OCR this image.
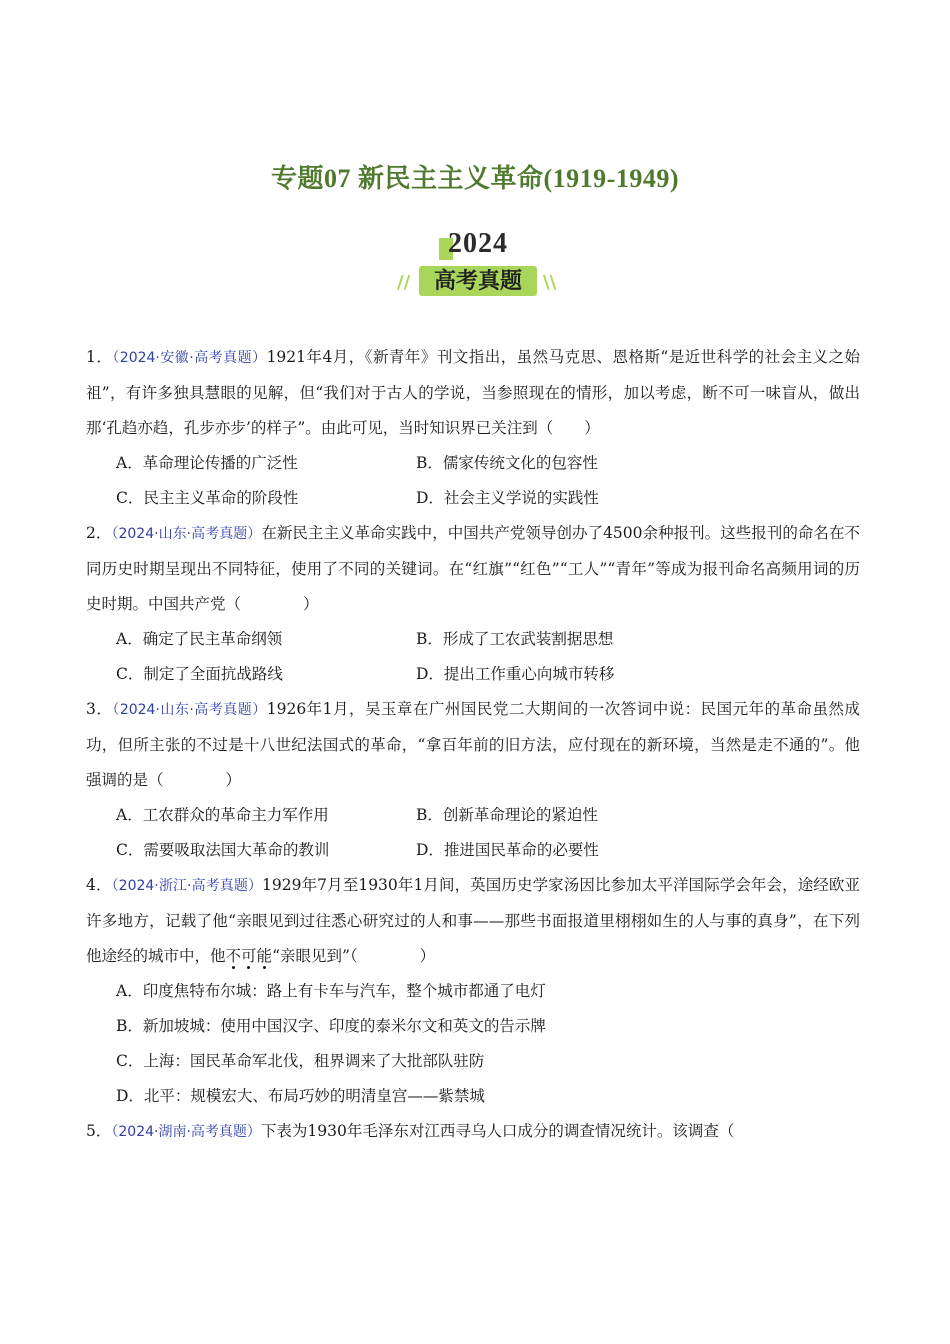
专题07 新民主主义革命(1919-1949)
2024
//	高考真题	\\

1．（2024·安徽·高考真题）1921年4月，《新青年》刊文指出，虽然马克思、恩格斯“是近世科学的社会主义之始祖”，有许多独具慧眼的见解，但“我们对于古人的学说，当参照现在的情形，加以考虑，断不可一味盲从，做出那‘孔趋亦趋，孔步亦步’的样子”。由此可见，当时知识界已关注到（　　）

A．革命理论传播的广泛性	B．儒家传统文化的包容性
C．民主主义革命的阶段性	D．社会主义学说的实践性

2．（2024·山东·高考真题）在新民主主义革命实践中，中国共产党领导创办了4500余种报刊。这些报刊的命名在不同历史时期呈现出不同特征，使用了不同的关键词。在“红旗”“红色”“工人”“青年”等成为报刊命名高频用词的历史时期。中国共产党（　　　　）

A．确定了民主革命纲领	B．形成了工农武装割据思想
C．制定了全面抗战路线	D．提出工作重心向城市转移

3．（2024·山东·高考真题）1926年1月，吴玉章在广州国民党二大期间的一次答词中说：民国元年的革命虽然成功，但所主张的不过是十八世纪法国式的革命，“拿百年前的旧方法，应付现在的新环境，当然是走不通的”。他强调的是（　　　　）

A．工农群众的革命主力军作用	B．创新革命理论的紧迫性
C．需要吸取法国大革命的教训	D．推进国民革命的必要性

4．（2024·浙江·高考真题）1929年7月至1930年1月间，英国历史学家汤因比参加太平洋国际学会年会，途经欧亚许多地方，记载了他“亲眼见到过往悉心研究过的人和事——那些书面报道里栩栩如生的人与事的真身”，在下列他途经的城市中，他不可能“亲眼见到”（　　　　）

A．印度焦特布尔城：路上有卡车与汽车，整个城市都通了电灯
B．新加坡城：使用中国汉字、印度的泰米尔文和英文的告示牌
C．上海：国民革命军北伐，租界调来了大批部队驻防
D．北平：规模宏大、布局巧妙的明清皇宫——紫禁城

5．（2024·湖南·高考真题）下表为1930年毛泽东对江西寻乌人口成分的调查情况统计。该调查（
